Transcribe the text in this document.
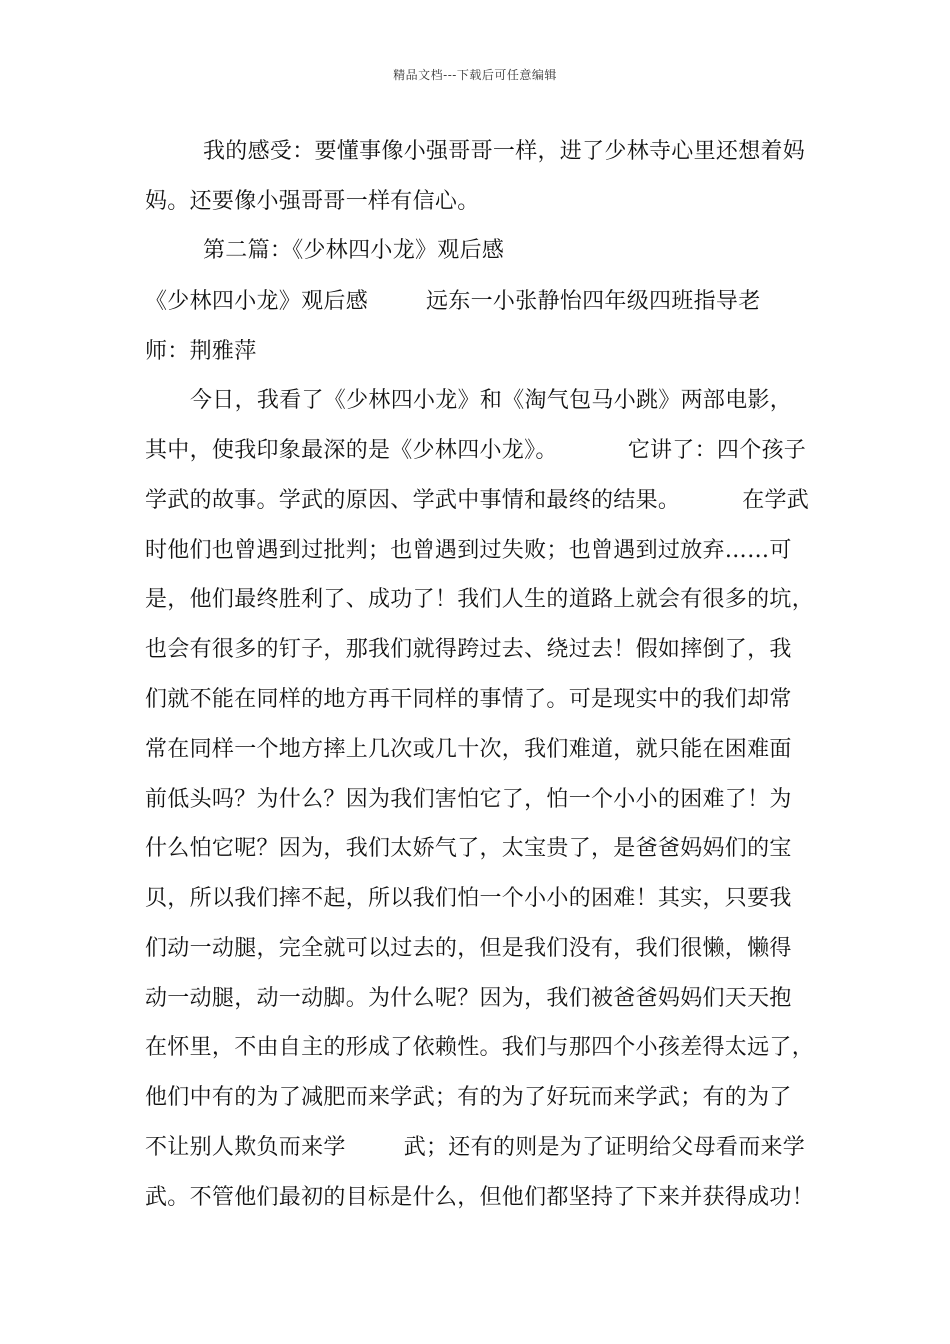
精品文档---下载后可任意编辑
我的感受：要懂事像小强哥哥一样，进了少林寺心里还想着妈
妈。还要像小强哥哥一样有信心。
第二篇：《少林四小龙》观后感
《少林四小龙》观后感	远东一小张静怡四年级四班指导老
师：荆雅萍
今日，我看了《少林四小龙》和《淘气包马小跳》两部电影，
其中，使我印象最深的是《少林四小龙》。	它讲了：四个孩子
学武的故事。学武的原因、学武中事情和最终的结果。	在学武
时他们也曾遇到过批判；也曾遇到过失败；也曾遇到过放弃……可
是，他们最终胜利了、成功了！我们人生的道路上就会有很多的坑，
也会有很多的钉子，那我们就得跨过去、绕过去！假如摔倒了，我
们就不能在同样的地方再干同样的事情了。可是现实中的我们却常
常在同样一个地方摔上几次或几十次，我们难道，就只能在困难面
前低头吗？为什么？因为我们害怕它了，怕一个小小的困难了！为
什么怕它呢？因为，我们太娇气了，太宝贵了，是爸爸妈妈们的宝
贝，所以我们摔不起，所以我们怕一个小小的困难！其实，只要我
们动一动腿，完全就可以过去的，但是我们没有，我们很懒，懒得
动一动腿，动一动脚。为什么呢？因为，我们被爸爸妈妈们天天抱
在怀里，不由自主的形成了依赖性。我们与那四个小孩差得太远了，
他们中有的为了减肥而来学武；有的为了好玩而来学武；有的为了
不让别人欺负而来学	武；还有的则是为了证明给父母看而来学
武。不管他们最初的目标是什么，但他们都坚持了下来并获得成功！
